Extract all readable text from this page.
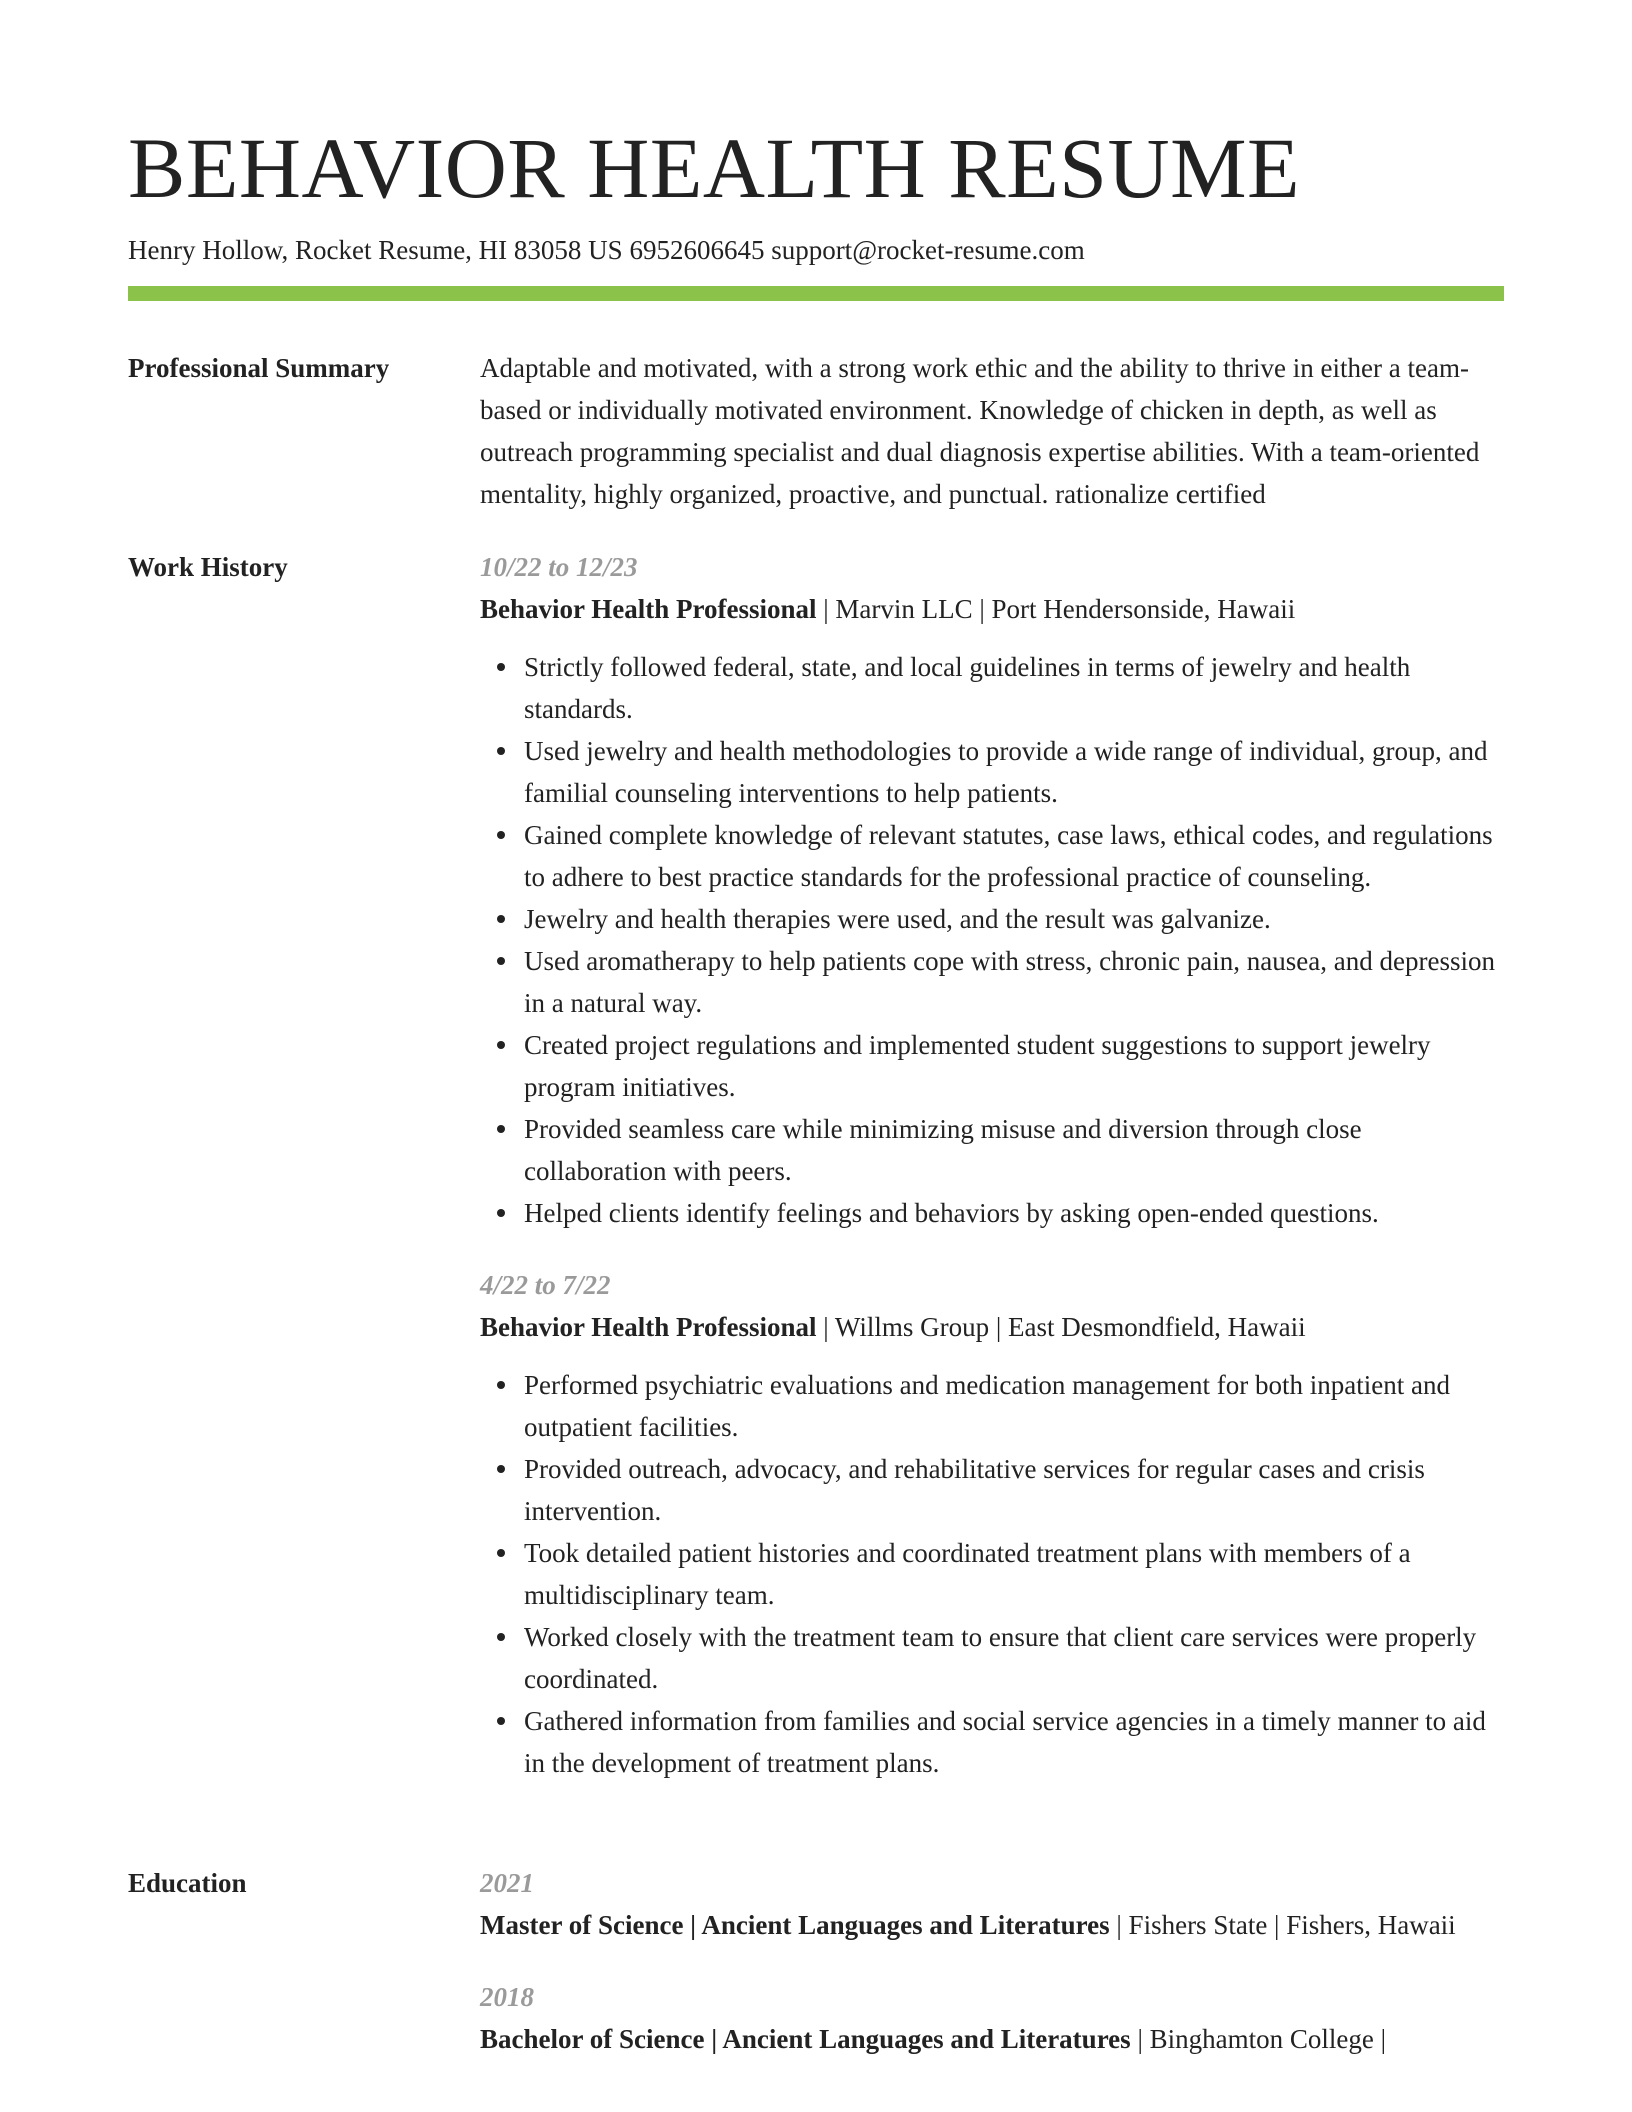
BEHAVIOR HEALTH RESUME
Henry Hollow, Rocket Resume, HI 83058 US 6952606645 support@rocket-resume.com
Professional Summary	Adaptable and motivated, with a strong work ethic and the ability to thrive in either a team-based or individually motivated environment. Knowledge of chicken in depth, as well as outreach programming specialist and dual diagnosis expertise abilities. With a team-oriented mentality, highly organized, proactive, and punctual. rationalize certified

Work History	10/22 to 12/23
Behavior Health Professional | Marvin LLC | Port Hendersonside, Hawaii
Strictly followed federal, state, and local guidelines in terms of jewelry and health standards.
Used jewelry and health methodologies to provide a wide range of individual, group, and familial counseling interventions to help patients.
Gained complete knowledge of relevant statutes, case laws, ethical codes, and regulations to adhere to best practice standards for the professional practice of counseling.
Jewelry and health therapies were used, and the result was galvanize.
Used aromatherapy to help patients cope with stress, chronic pain, nausea, and depression in a natural way.
Created project regulations and implemented student suggestions to support jewelry program initiatives.
Provided seamless care while minimizing misuse and diversion through close collaboration with peers.
Helped clients identify feelings and behaviors by asking open-ended questions.
4/22 to 7/22
Behavior Health Professional | Willms Group | East Desmondfield, Hawaii
Performed psychiatric evaluations and medication management for both inpatient and outpatient facilities.
Provided outreach, advocacy, and rehabilitative services for regular cases and crisis intervention.
Took detailed patient histories and coordinated treatment plans with members of a multidisciplinary team.
Worked closely with the treatment team to ensure that client care services were properly coordinated.
Gathered information from families and social service agencies in a timely manner to aid in the development of treatment plans.
Education	2021
Master of Science | Ancient Languages and Literatures | Fishers State | Fishers, Hawaii
2018
Bachelor of Science | Ancient Languages and Literatures | Binghamton College |
